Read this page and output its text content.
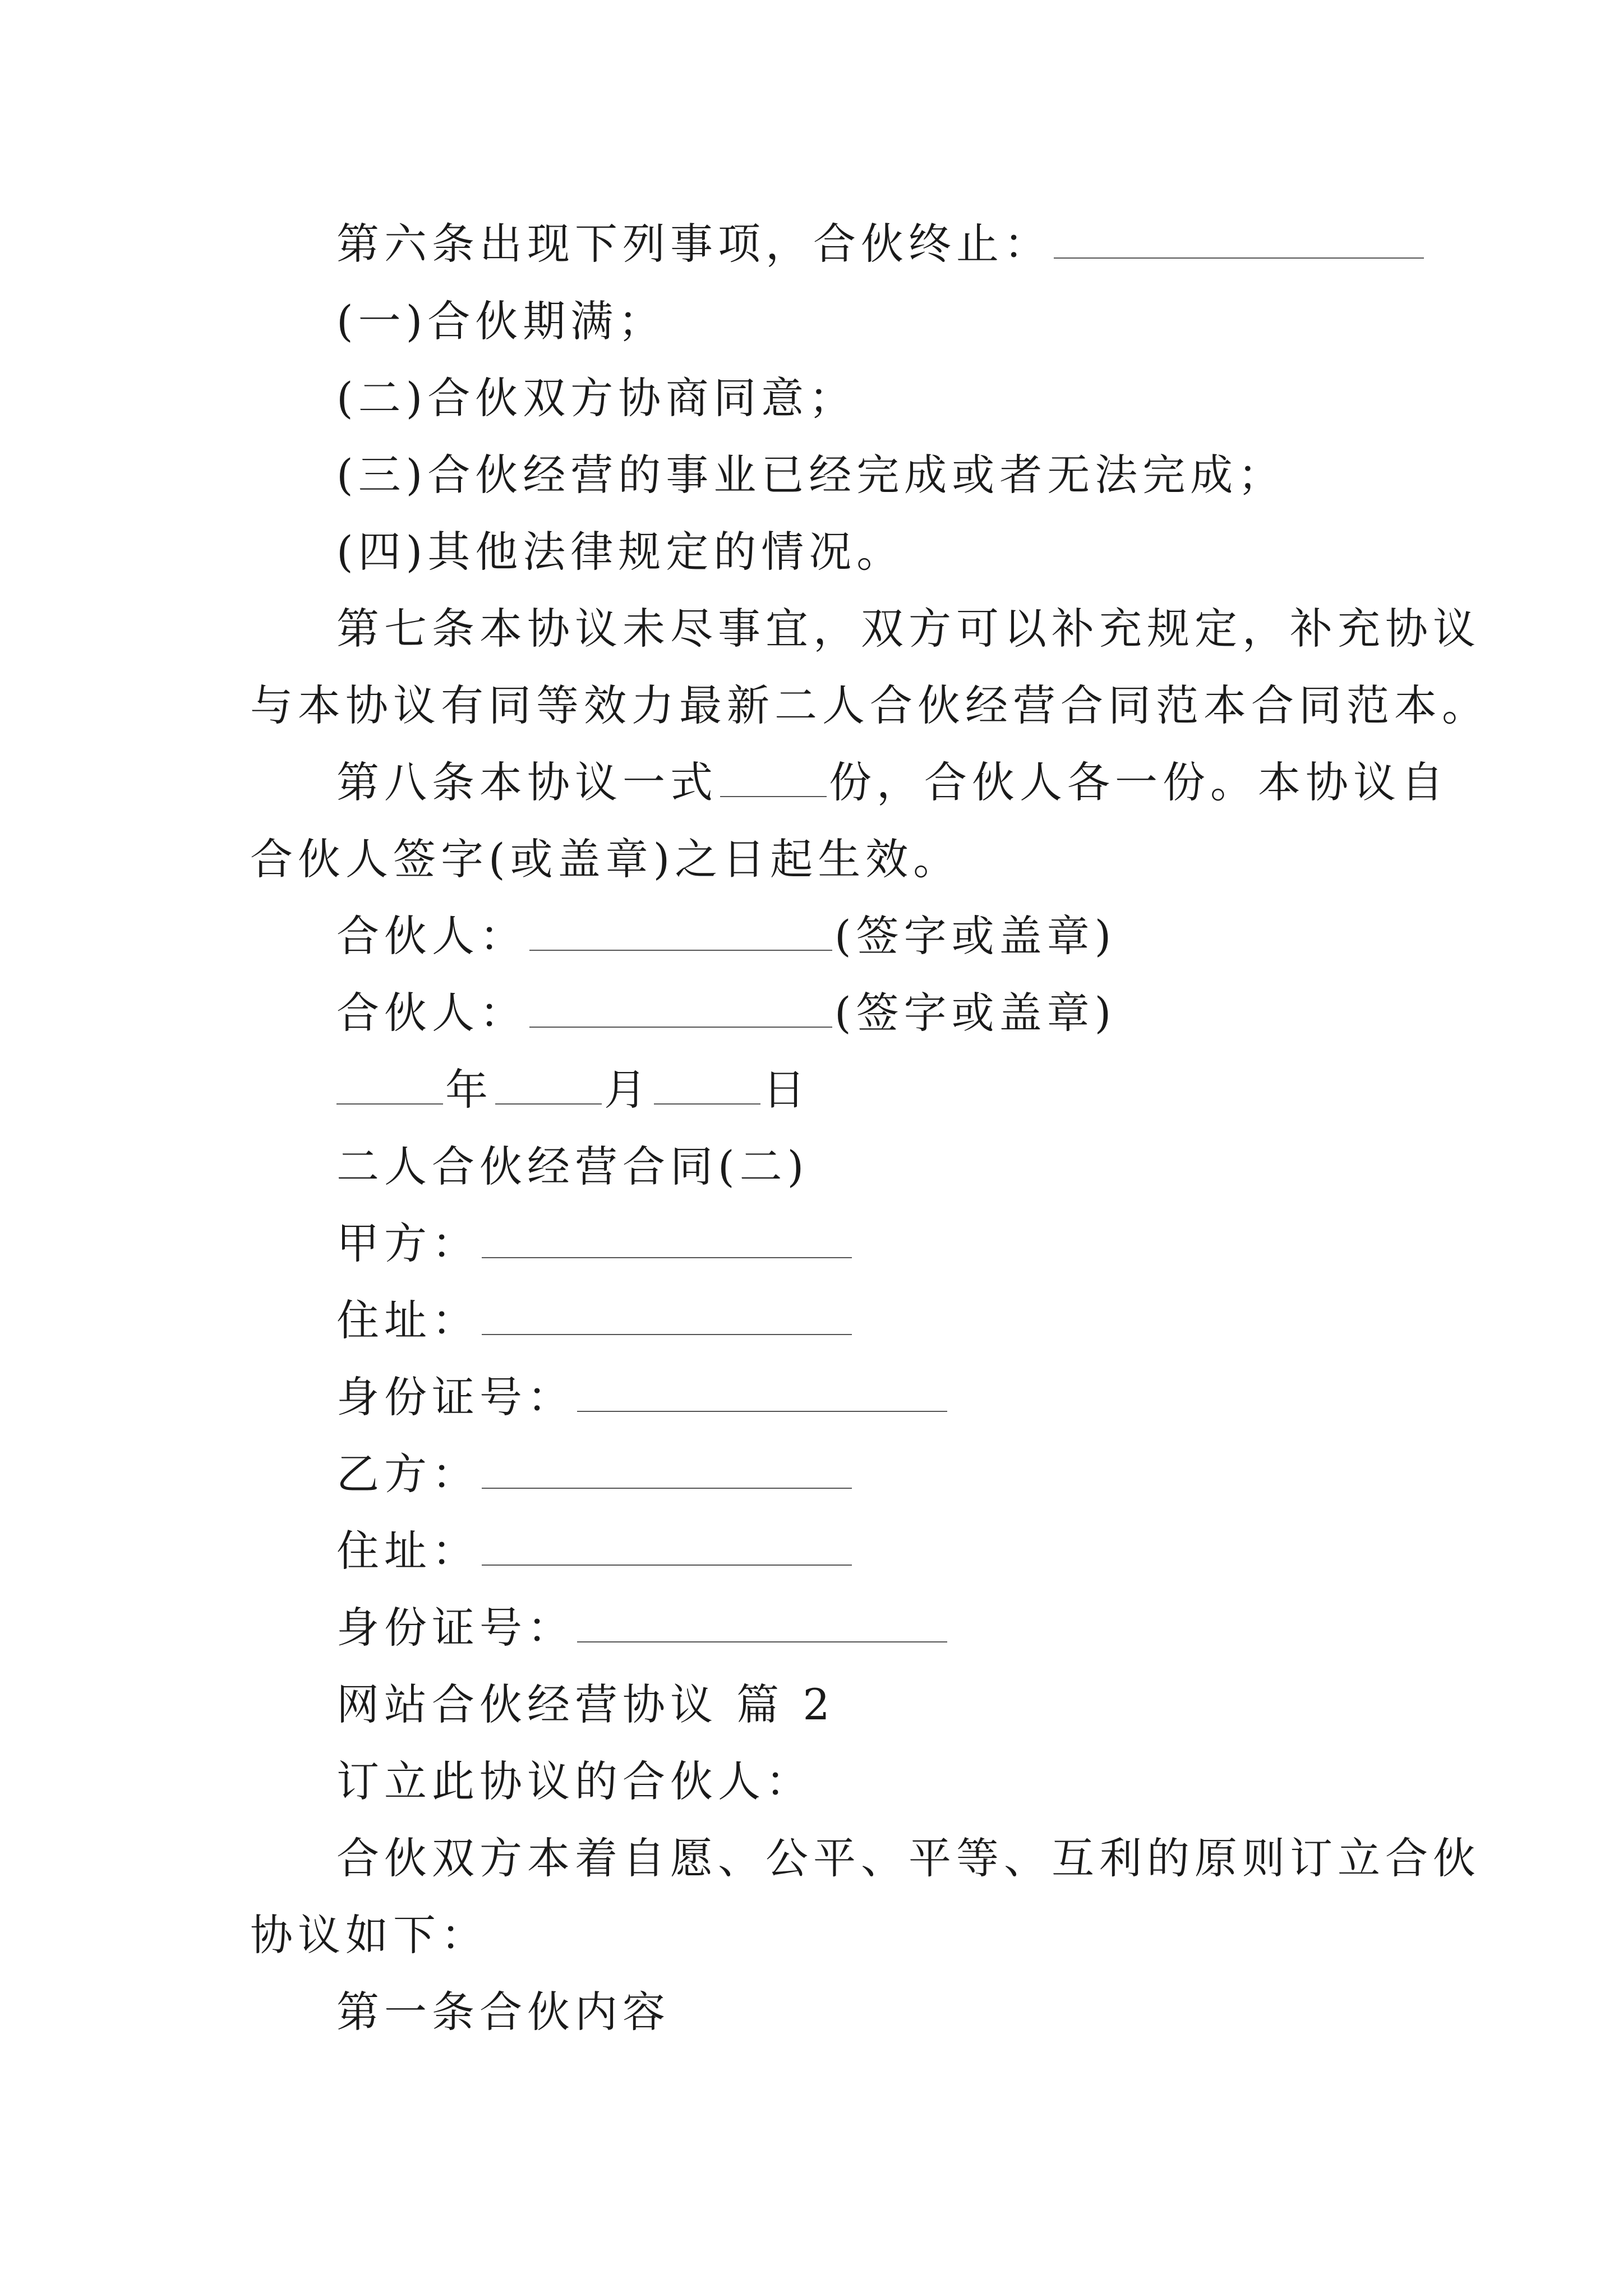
第六条出现下列事项，合伙终止：
(一)合伙期满；
(二)合伙双方协商同意；
(三)合伙经营的事业已经完成或者无法完成；
(四)其他法律规定的情况。
第七条本协议未尽事宜，双方可以补充规定，补充协议
与本协议有同等效力最新二人合伙经营合同范本合同范本。
第八条本协议一式	份，合伙人各一份。本协议自
合伙人签字(或盖章)之日起生效。
合伙人：	(签字或盖章)
合伙人：	(签字或盖章)
年	月	日
二人合伙经营合同(二)
甲方：
住址：
身份证号：
乙方：
住址：
身份证号：
网站合伙经营协议 篇 2
订立此协议的合伙人：
合伙双方本着自愿、公平、平等、互利的原则订立合伙
协议如下：
第一条合伙内容
